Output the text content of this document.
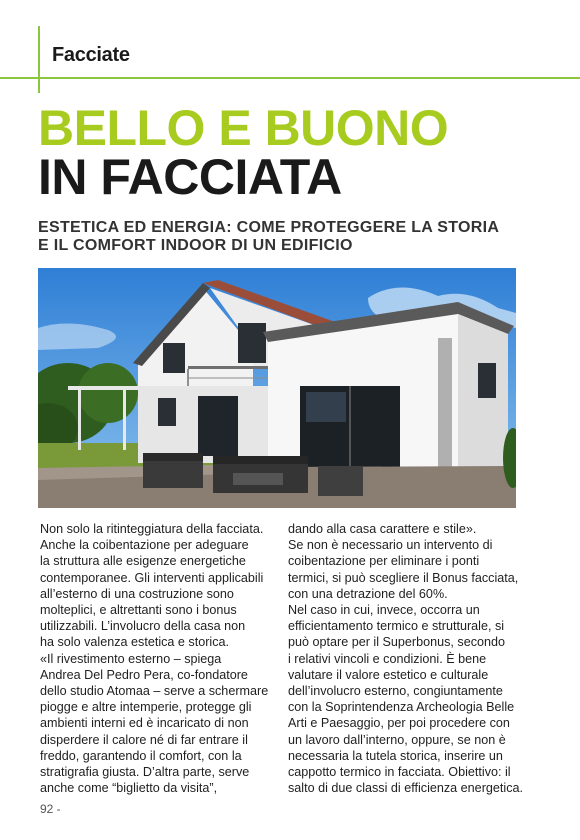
Facciate
BELLO E BUONO
IN FACCIATA
ESTETICA ED ENERGIA: COME PROTEGGERE LA STORIA
E IL COMFORT INDOOR DI UN EDIFICIO
Non solo la ritinteggiatura della facciata.
Anche la coibentazione per adeguare
la struttura alle esigenze energetiche
contemporanee. Gli interventi applicabili
all’esterno di una costruzione sono
molteplici, e altrettanti sono i bonus
utilizzabili. L’involucro della casa non
ha solo valenza estetica e storica.
«Il rivestimento esterno – spiega
Andrea Del Pedro Pera, co-fondatore
dello studio Atomaa – serve a schermare
piogge e altre intemperie, protegge gli
ambienti interni ed è incaricato di non
disperdere il calore né di far entrare il
freddo, garantendo il comfort, con la
stratigrafia giusta. D’altra parte, serve
anche come “biglietto da visita”,
dando alla casa carattere e stile».
Se non è necessario un intervento di
coibentazione per eliminare i ponti
termici, si può scegliere il Bonus facciata,
con una detrazione del 60%.
Nel caso in cui, invece, occorra un
efficientamento termico e strutturale, si
può optare per il Superbonus, secondo
i relativi vincoli e condizioni. È bene
valutare il valore estetico e culturale
dell’involucro esterno, congiuntamente
con la Soprintendenza Archeologia Belle
Arti e Paesaggio, per poi procedere con
un lavoro dall’interno, oppure, se non è
necessaria la tutela storica, inserire un
cappotto termico in facciata. Obiettivo: il
salto di due classi di efficienza energetica.
92 -
